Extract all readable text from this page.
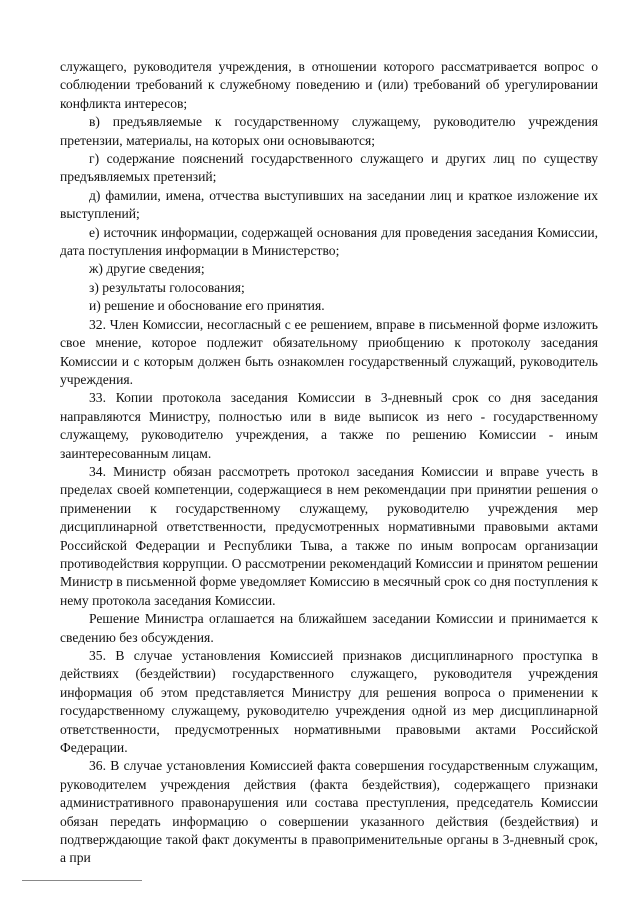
служащего, руководителя учреждения, в отношении которого рассматривается вопрос о соблюдении требований к служебному поведению и (или) требований об урегулировании конфликта интересов;

в) предъявляемые к государственному служащему, руководителю учреждения претензии, материалы, на которых они основываются;

г) содержание пояснений государственного служащего и других лиц по существу предъявляемых претензий;

д) фамилии, имена, отчества выступивших на заседании лиц и краткое изложение их выступлений;

е) источник информации, содержащей основания для проведения заседания Комиссии, дата поступления информации в Министерство;

ж) другие сведения;

з) результаты голосования;

и) решение и обоснование его принятия.

32. Член Комиссии, несогласный с ее решением, вправе в письменной форме изложить свое мнение, которое подлежит обязательному приобщению к протоколу заседания Комиссии и с которым должен быть ознакомлен государственный служащий, руководитель учреждения.

33. Копии протокола заседания Комиссии в 3-дневный срок со дня заседания направляются Министру, полностью или в виде выписок из него - государственному служащему, руководителю учреждения, а также по решению Комиссии - иным заинтересованным лицам.

34. Министр обязан рассмотреть протокол заседания Комиссии и вправе учесть в пределах своей компетенции, содержащиеся в нем рекомендации при принятии решения о применении к государственному служащему, руководителю учреждения мер дисциплинарной ответственности, предусмотренных нормативными правовыми актами Российской Федерации и Республики Тыва, а также по иным вопросам организации противодействия коррупции. О рассмотрении рекомендаций Комиссии и принятом решении Министр в письменной форме уведомляет Комиссию в месячный срок со дня поступления к нему протокола заседания Комиссии.

Решение Министра оглашается на ближайшем заседании Комиссии и принимается к сведению без обсуждения.

35. В случае установления Комиссией признаков дисциплинарного проступка в действиях (бездействии) государственного служащего, руководителя учреждения информация об этом представляется Министру для решения вопроса о применении к государственному служащему, руководителю учреждения одной из мер дисциплинарной ответственности, предусмотренных нормативными правовыми актами Российской Федерации.

36. В случае установления Комиссией факта совершения государственным служащим, руководителем учреждения действия (факта бездействия), содержащего признаки административного правонарушения или состава преступления, председатель Комиссии обязан передать информацию о совершении указанного действия (бездействия) и подтверждающие такой факт документы в правоприменительные органы в 3-дневный срок, а при
